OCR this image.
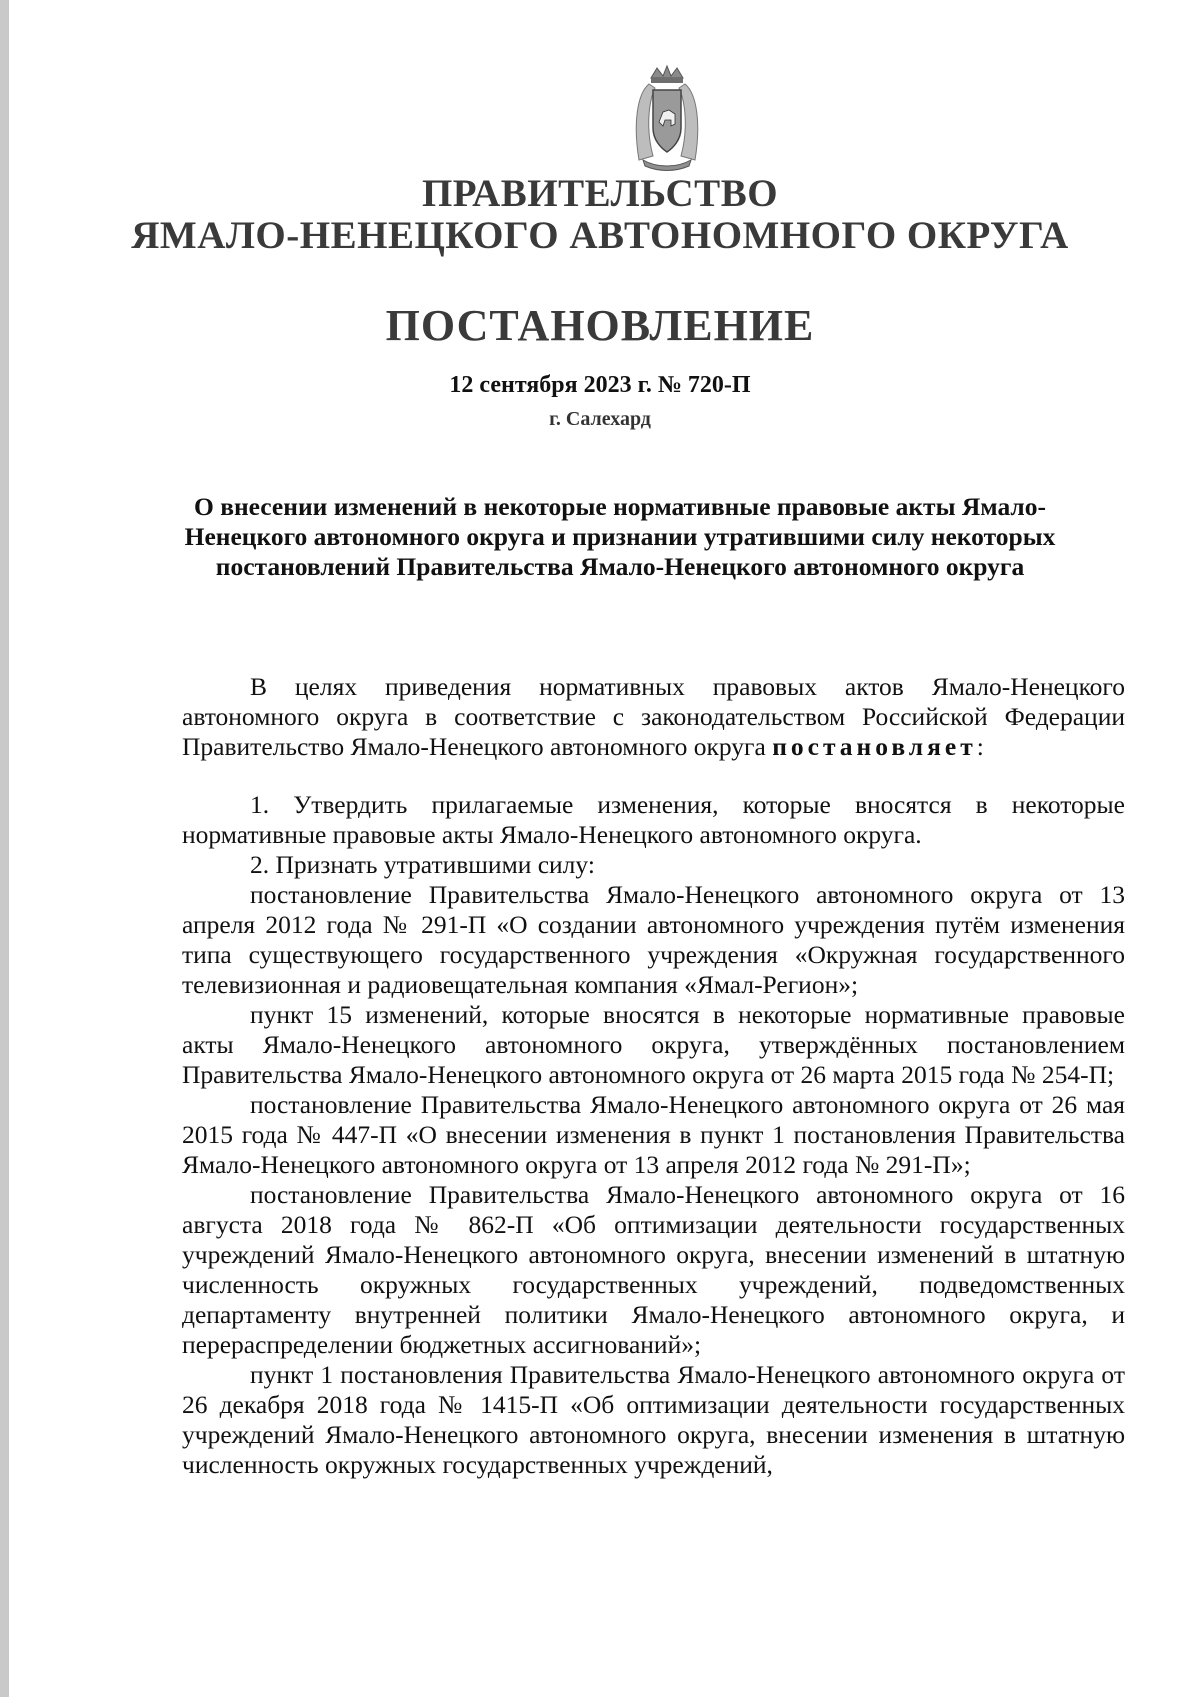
ПРАВИТЕЛЬСТВО
ЯМАЛО-НЕНЕЦКОГО АВТОНОМНОГО ОКРУГА
ПОСТАНОВЛЕНИЕ
12 сентября 2023 г. № 720-П
г. Салехард
О внесении изменений в некоторые нормативные правовые акты Ямало-Ненецкого автономного округа и признании утратившими силу некоторых постановлений Правительства Ямало-Ненецкого автономного округа

В целях приведения нормативных правовых актов Ямало-Ненецкого автономного округа в соответствие с законодательством Российской Федерации Правительство Ямало-Ненецкого автономного округа постановляет:

1. Утвердить прилагаемые изменения, которые вносятся в некоторые нормативные правовые акты Ямало-Ненецкого автономного округа.

2. Признать утратившими силу:

постановление Правительства Ямало-Ненецкого автономного округа от 13 апреля 2012 года № 291-П «О создании автономного учреждения путём изменения типа существующего государственного учреждения «Окружная государственного телевизионная и радиовещательная компания «Ямал-Регион»;

пункт 15 изменений, которые вносятся в некоторые нормативные правовые акты Ямало-Ненецкого автономного округа, утверждённых постановлением Правительства Ямало-Ненецкого автономного округа от 26 марта 2015 года № 254-П;

постановление Правительства Ямало-Ненецкого автономного округа от 26 мая 2015 года № 447-П «О внесении изменения в пункт 1 постановления Правительства Ямало-Ненецкого автономного округа от 13 апреля 2012 года № 291-П»;

постановление Правительства Ямало-Ненецкого автономного округа от 16 августа 2018 года № 862-П «Об оптимизации деятельности государственных учреждений Ямало-Ненецкого автономного округа, внесении изменений в штатную численность окружных государственных учреждений, подведомственных департаменту внутренней политики Ямало-Ненецкого автономного округа, и перераспределении бюджетных ассигнований»;

пункт 1 постановления Правительства Ямало-Ненецкого автономного округа от 26 декабря 2018 года № 1415-П «Об оптимизации деятельности государственных учреждений Ямало-Ненецкого автономного округа, внесении изменения в штатную численность окружных государственных учреждений,
